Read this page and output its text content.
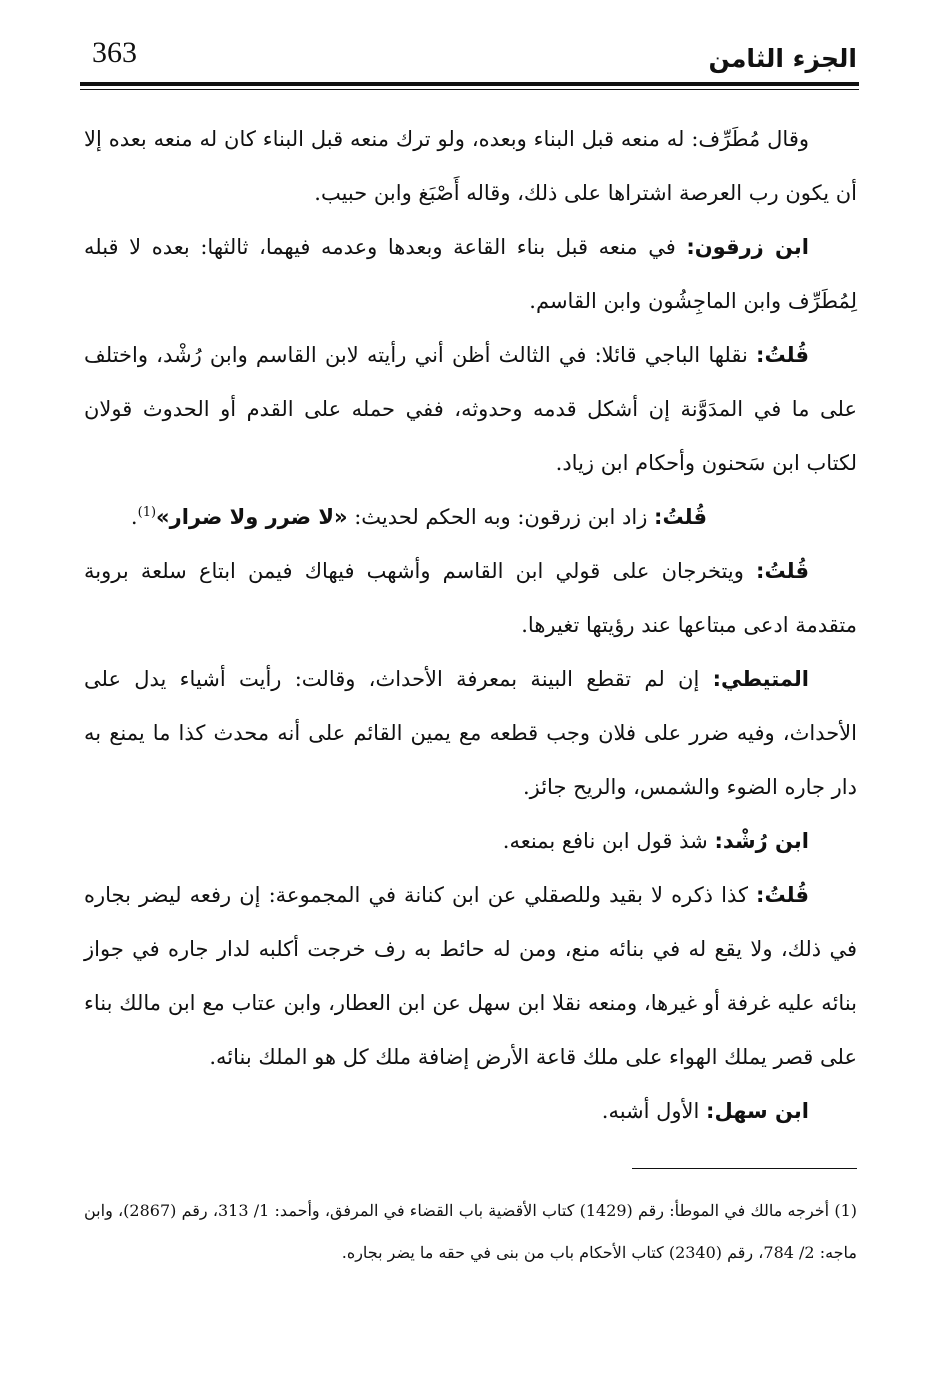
363	الجزء الثامن

وقال مُطَرِّف: له منعه قبل البناء وبعده، ولو ترك منعه قبل البناء كان له منعه بعده إلا أن يكون رب العرصة اشتراها على ذلك، وقاله أَصْبَغ وابن حبيب.

ابن زرقون: في منعه قبل بناء القاعة وبعدها وعدمه فيهما، ثالثها: بعده لا قبله لِمُطَرِّف وابن الماجِشُون وابن القاسم.

قُلتُ: نقلها الباجي قائلا: في الثالث أظن أني رأيته لابن القاسم وابن رُشْد، واختلف على ما في المدَوَّنة إن أشكل قدمه وحدوثه، ففي حمله على القدم أو الحدوث قولان لكتاب ابن سَحنون وأحكام ابن زياد.

قُلتُ: زاد ابن زرقون: وبه الحكم لحديث: «لا ضرر ولا ضرار»$^{(1)}$.

قُلتُ: ويتخرجان على قولي ابن القاسم وأشهب فيهاك فيمن ابتاع سلعة بروبة متقدمة ادعى مبتاعها عند رؤيتها تغيرها.

المتيطي: إن لم تقطع البينة بمعرفة الأحداث، وقالت: رأيت أشياء يدل على الأحداث، وفيه ضرر على فلان وجب قطعه مع يمين القائم على أنه محدث كذا ما يمنع به دار جاره الضوء والشمس، والريح جائز.

ابن رُشْد: شذ قول ابن نافع بمنعه.

قُلتُ: كذا ذكره لا بقيد وللصقلي عن ابن كنانة في المجموعة: إن رفعه ليضر بجاره في ذلك، ولا يقع له في بنائه منع، ومن له حائط به رف خرجت أكلبه لدار جاره في جواز بنائه عليه غرفة أو غيرها، ومنعه نقلا ابن سهل عن ابن العطار، وابن عتاب مع ابن مالك بناء على قصر يملك الهواء على ملك قاعة الأرض إضافة ملك كل هو الملك بنائه.

ابن سهل: الأول أشبه.

(1) أخرجه مالك في الموطأ: رقم (1429) كتاب الأقضية باب القضاء في المرفق، وأحمد: 1/ 313، رقم (2867)، وابن ماجه: 2/ 784، رقم (2340) كتاب الأحكام باب من بنى في حقه ما يضر بجاره.
